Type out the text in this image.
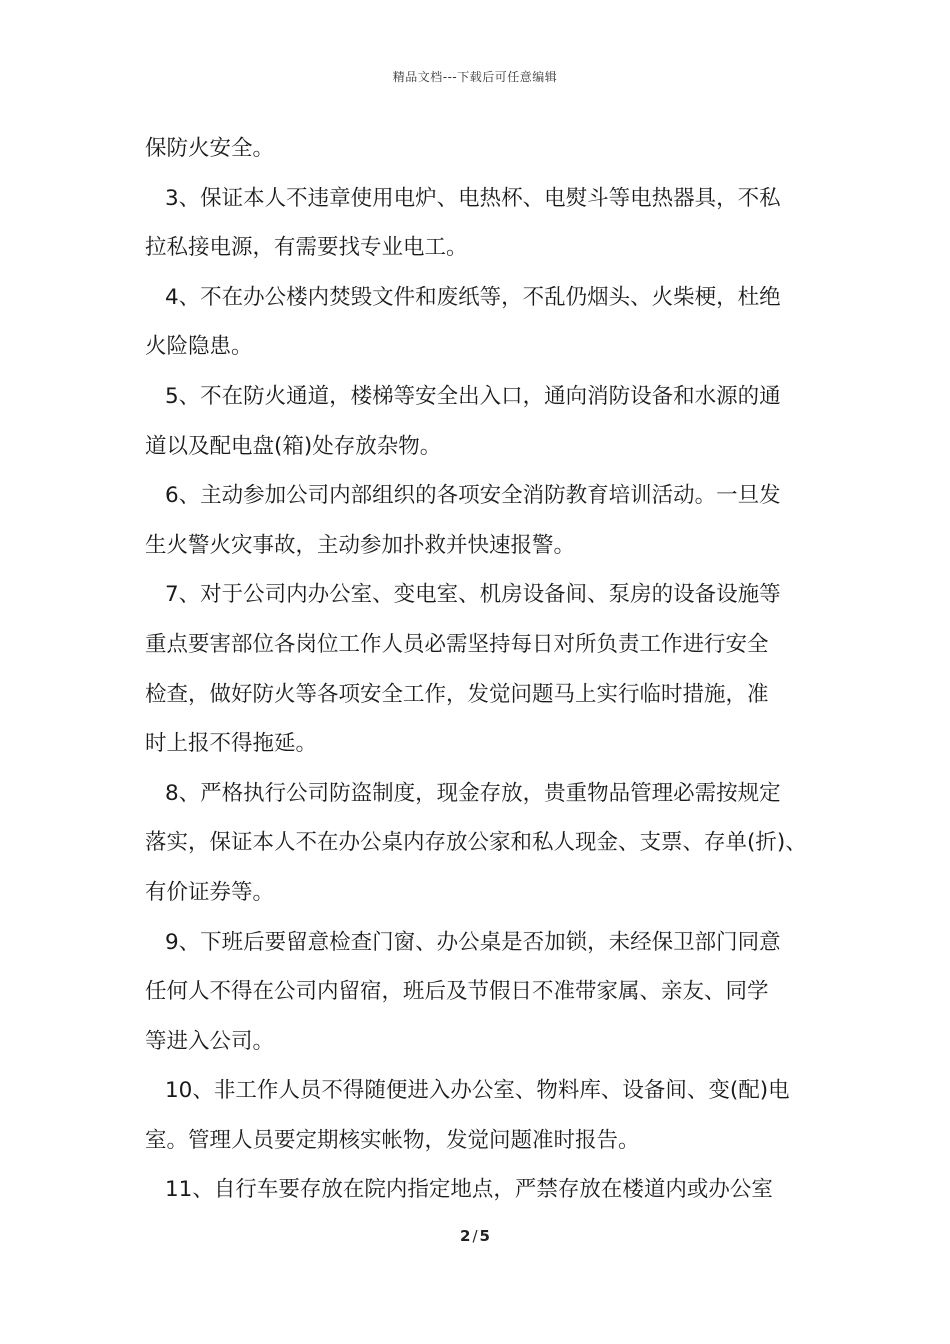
精品文档---下载后可任意编辑
保防火安全。
3、保证本人不违章使用电炉、电热杯、电熨斗等电热器具，不私
拉私接电源，有需要找专业电工。
4、不在办公楼内焚毁文件和废纸等，不乱仍烟头、火柴梗，杜绝
火险隐患。
5、不在防火通道，楼梯等安全出入口，通向消防设备和水源的通
道以及配电盘(箱)处存放杂物。
6、主动参加公司内部组织的各项安全消防教育培训活动。一旦发
生火警火灾事故，主动参加扑救并快速报警。
7、对于公司内办公室、变电室、机房设备间、泵房的设备设施等
重点要害部位各岗位工作人员必需坚持每日对所负责工作进行安全
检查，做好防火等各项安全工作，发觉问题马上实行临时措施，准
时上报不得拖延。
8、严格执行公司防盗制度，现金存放，贵重物品管理必需按规定
落实，保证本人不在办公桌内存放公家和私人现金、支票、存单(折)、
有价证券等。
9、下班后要留意检查门窗、办公桌是否加锁，未经保卫部门同意
任何人不得在公司内留宿，班后及节假日不准带家属、亲友、同学
等进入公司。
10、非工作人员不得随便进入办公室、物料库、设备间、变(配)电
室。管理人员要定期核实帐物，发觉问题准时报告。
11、自行车要存放在院内指定地点，严禁存放在楼道内或办公室
2 / 5
